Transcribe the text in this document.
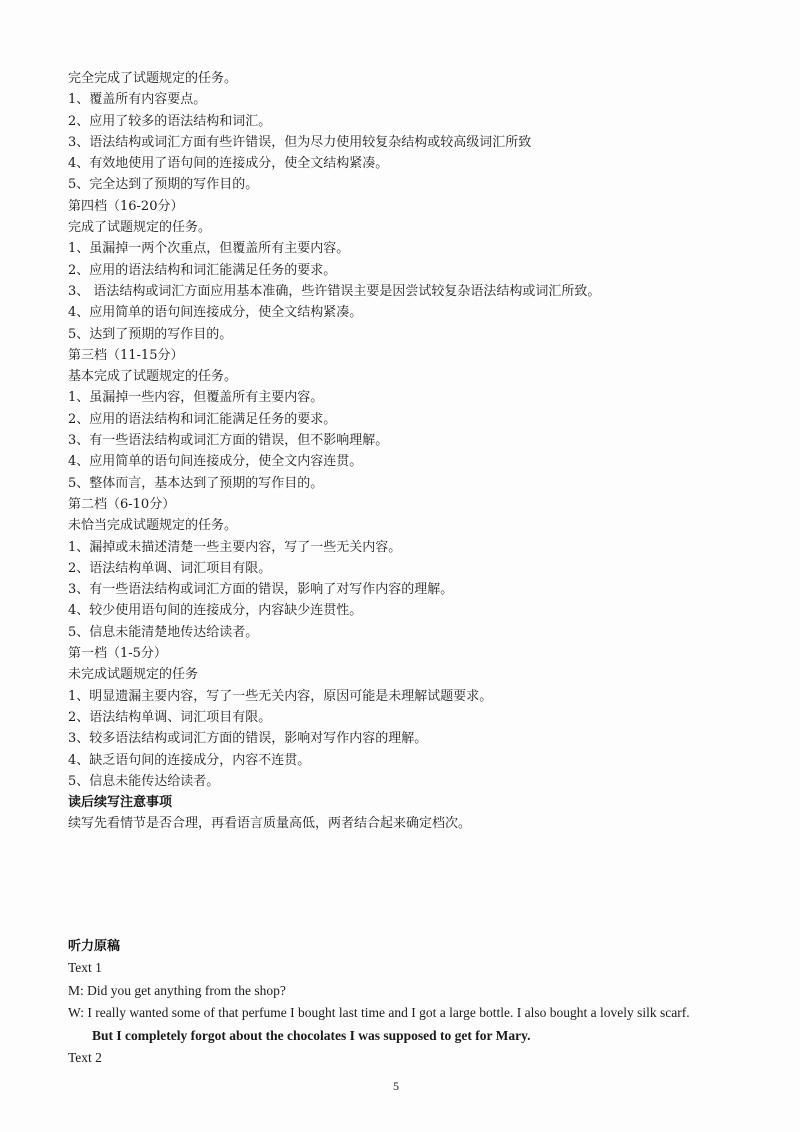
完全完成了试题规定的任务。
1、覆盖所有内容要点。
2、应用了较多的语法结构和词汇。
3、语法结构或词汇方面有些许错误，但为尽力使用较复杂结构或较高级词汇所致
4、有效地使用了语句间的连接成分，使全文结构紧凑。
5、完全达到了预期的写作目的。
第四档（16-20分）
完成了试题规定的任务。
1、虽漏掉一两个次重点，但覆盖所有主要内容。
2、应用的语法结构和词汇能满足任务的要求。
3、 语法结构或词汇方面应用基本准确，些许错误主要是因尝试较复杂语法结构或词汇所致。
4、应用简单的语句间连接成分，使全文结构紧凑。
5、达到了预期的写作目的。
第三档（11-15分）
基本完成了试题规定的任务。
1、虽漏掉一些内容，但覆盖所有主要内容。
2、应用的语法结构和词汇能满足任务的要求。
3、有一些语法结构或词汇方面的错误，但不影响理解。
4、应用简单的语句间连接成分，使全文内容连贯。
5、整体而言，基本达到了预期的写作目的。
第二档（6-10分）
未恰当完成试题规定的任务。
1、漏掉或未描述清楚一些主要内容，写了一些无关内容。
2、语法结构单调、词汇项目有限。
3、有一些语法结构或词汇方面的错误，影响了对写作内容的理解。
4、较少使用语句间的连接成分，内容缺少连贯性。
5、信息未能清楚地传达给读者。
第一档（1-5分）
未完成试题规定的任务
1、明显遗漏主要内容，写了一些无关内容，原因可能是未理解试题要求。
2、语法结构单调、词汇项目有限。
3、较多语法结构或词汇方面的错误，影响对写作内容的理解。
4、缺乏语句间的连接成分，内容不连贯。
5、信息未能传达给读者。
读后续写注意事项
续写先看情节是否合理，再看语言质量高低，两者结合起来确定档次。
听力原稿
Text 1
M: Did you get anything from the shop?
W: I really wanted some of that perfume I bought last time and I got a large bottle. I also bought a lovely silk scarf.
But I completely forgot about the chocolates I was supposed to get for Mary.
Text 2
5
